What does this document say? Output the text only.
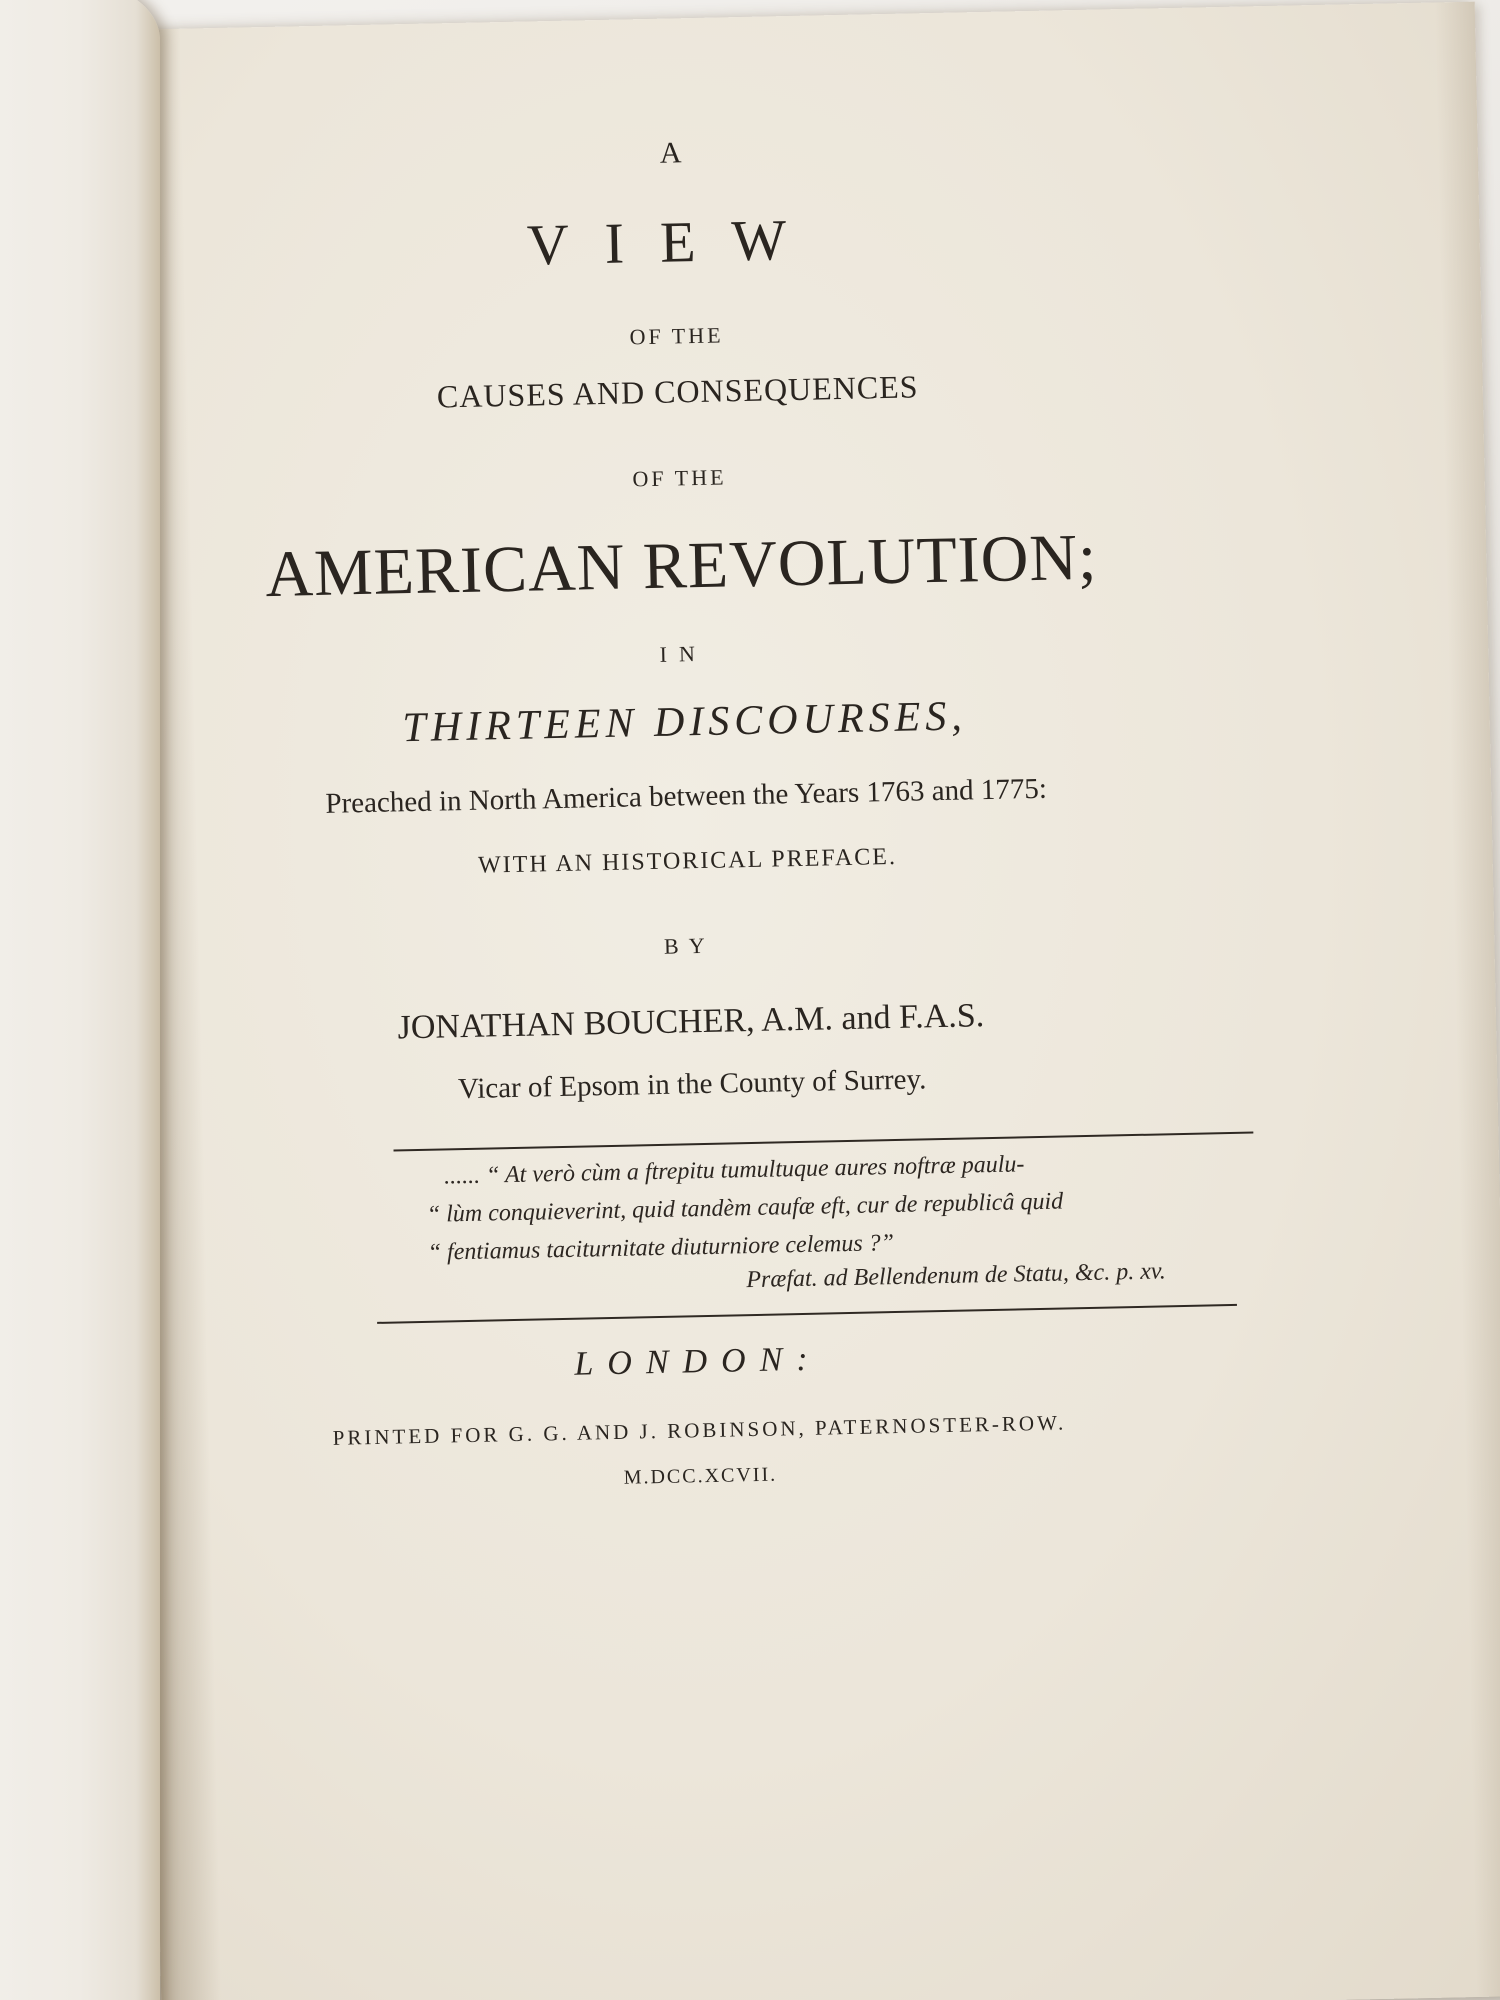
A
VIEW
OF THE
CAUSES AND CONSEQUENCES
OF THE
AMERICAN REVOLUTION;
IN
THIRTEEN DISCOURSES,
Preached in North America between the Years 1763 and 1775:
WITH AN HISTORICAL PREFACE.
BY
JONATHAN BOUCHER, A.M. and F.A.S.
Vicar of Epsom in the County of Surrey.
...... “ At verò cùm a ftrepitu tumultuque aures noftræ paulu-
“ lùm conquieverint, quid tandèm caufæ eft, cur de republicâ quid
“ fentiamus taciturnitate diuturniore celemus ?”
Præfat. ad Bellendenum de Statu, &c. p. xv.
LONDON:
PRINTED FOR G. G. AND J. ROBINSON, PATERNOSTER-ROW.
M.DCC.XCVII.
